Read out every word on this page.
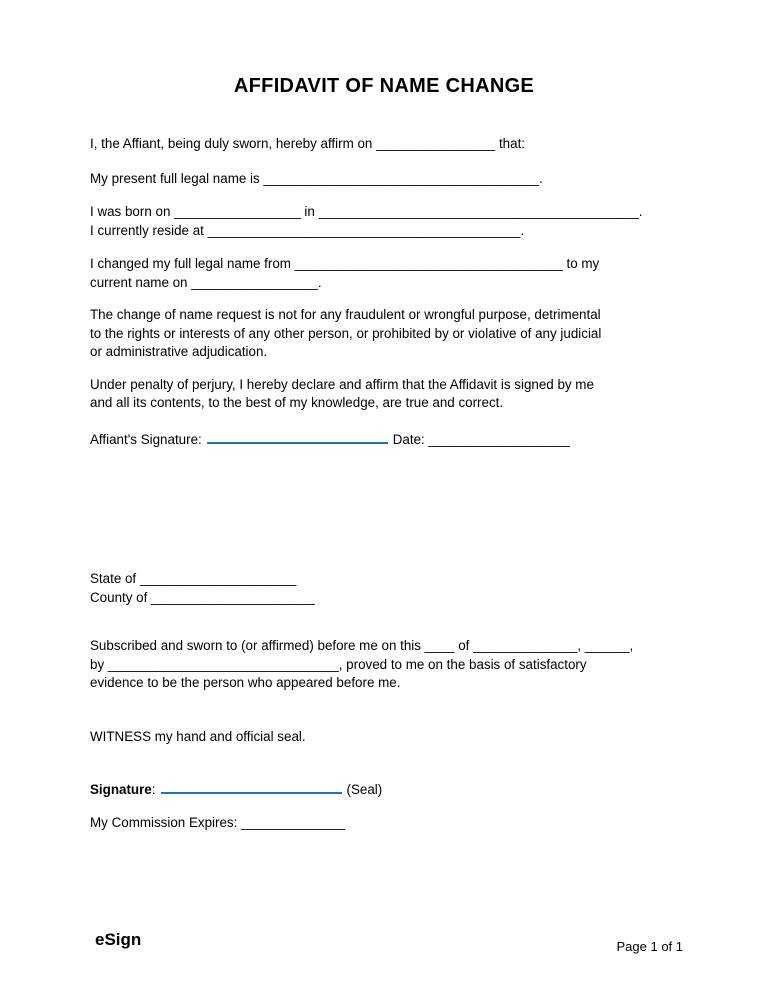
AFFIDAVIT OF NAME CHANGE

I, the Affiant, being duly sworn, hereby affirm on ________________ that:

My present full legal name is _____________________________________.

I was born on _________________ in ___________________________________________.

I currently reside at __________________________________________.

I changed my full legal name from ____________________________________ to my

current name on _________________.

The change of name request is not for any fraudulent or wrongful purpose, detrimental

to the rights or interests of any other person, or prohibited by or violative of any judicial

or administrative adjudication.

Under penalty of perjury, I hereby declare and affirm that the Affidavit is signed by me

and all its contents, to the best of my knowledge, are true and correct.

Affiant's Signature:	Date: ___________________

State of _____________________

County of ______________________

Subscribed and sworn to (or affirmed) before me on this ____ of ______________, ______,

by _______________________________, proved to me on the basis of satisfactory

evidence to be the person who appeared before me.

WITNESS my hand and official seal.

Signature:	(Seal)

My Commission Expires: ______________

eSign	Page 1 of 1
